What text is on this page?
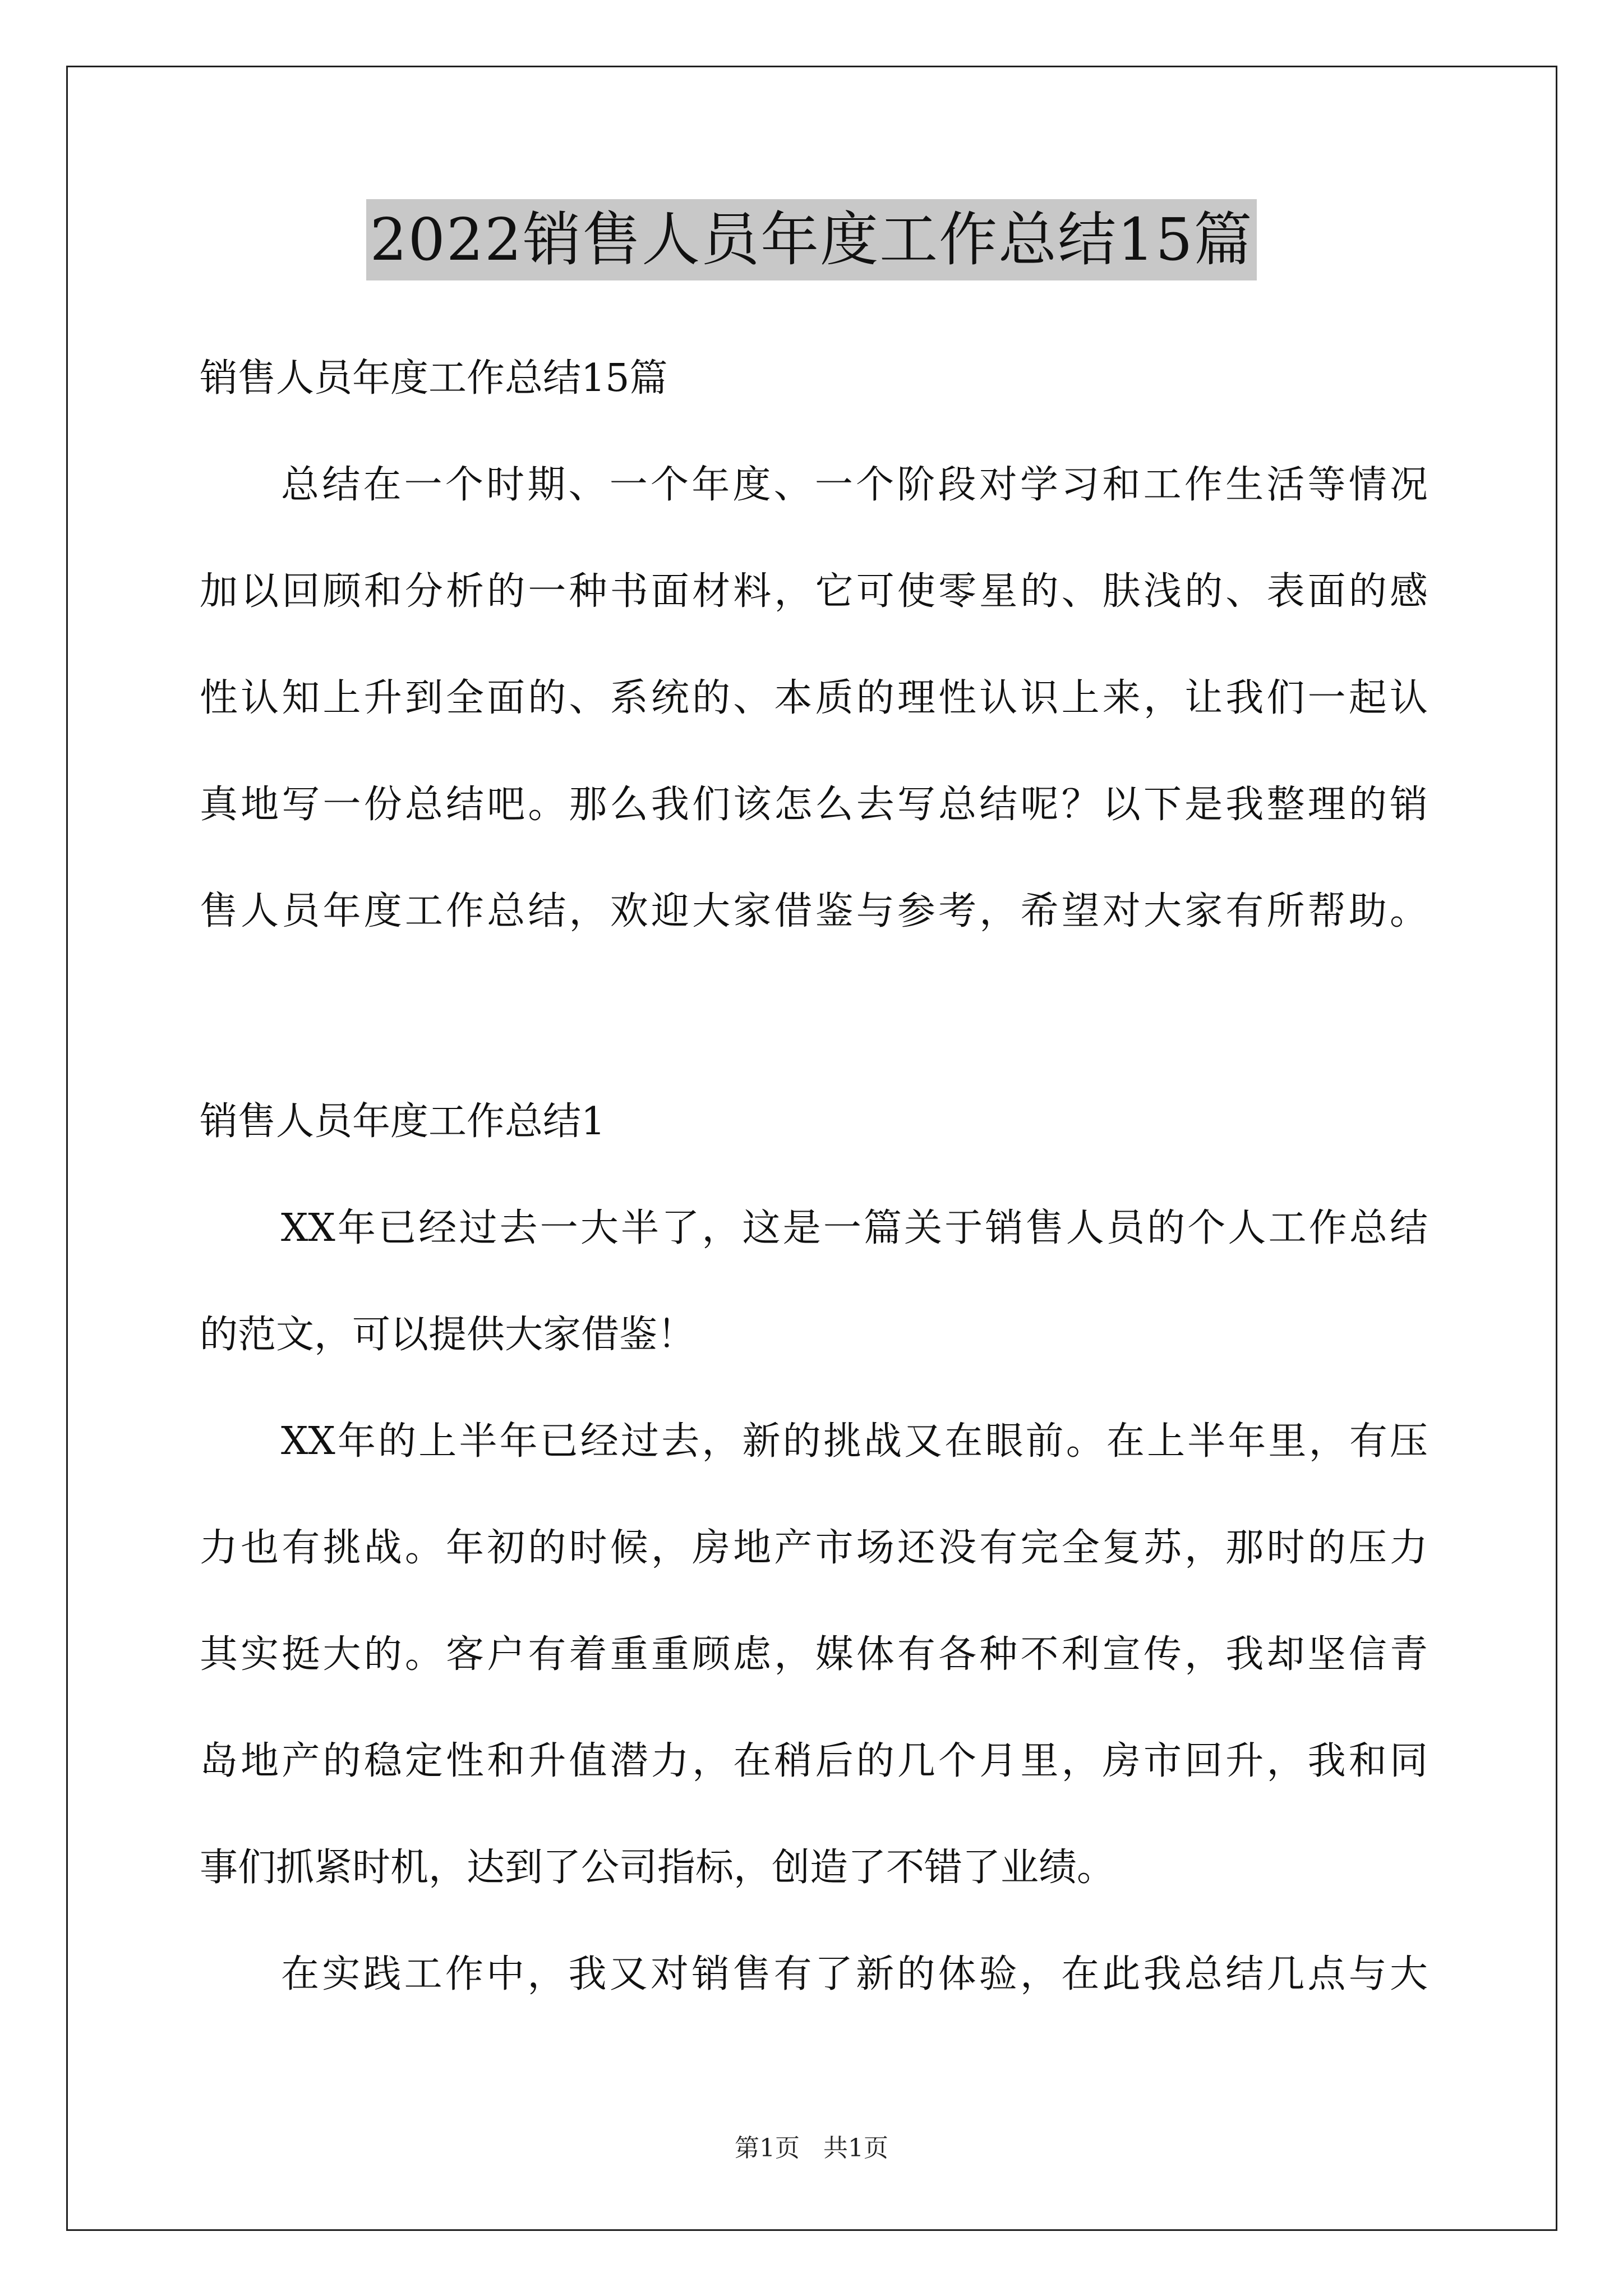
2022销售人员年度工作总结15篇
销售人员年度工作总结15篇
总结在一个时期、一个年度、一个阶段对学习和工作生活等情况
加以回顾和分析的一种书面材料，它可使零星的、肤浅的、表面的感
性认知上升到全面的、系统的、本质的理性认识上来，让我们一起认
真地写一份总结吧。那么我们该怎么去写总结呢？以下是我整理的销
售人员年度工作总结，欢迎大家借鉴与参考，希望对大家有所帮助。
销售人员年度工作总结1
XX年已经过去一大半了，这是一篇关于销售人员的个人工作总结
的范文，可以提供大家借鉴！
XX年的上半年已经过去，新的挑战又在眼前。在上半年里，有压
力也有挑战。年初的时候，房地产市场还没有完全复苏，那时的压力
其实挺大的。客户有着重重顾虑，媒体有各种不利宣传，我却坚信青
岛地产的稳定性和升值潜力，在稍后的几个月里，房市回升，我和同
事们抓紧时机，达到了公司指标，创造了不错了业绩。
在实践工作中，我又对销售有了新的体验，在此我总结几点与大
第1页   共1页
